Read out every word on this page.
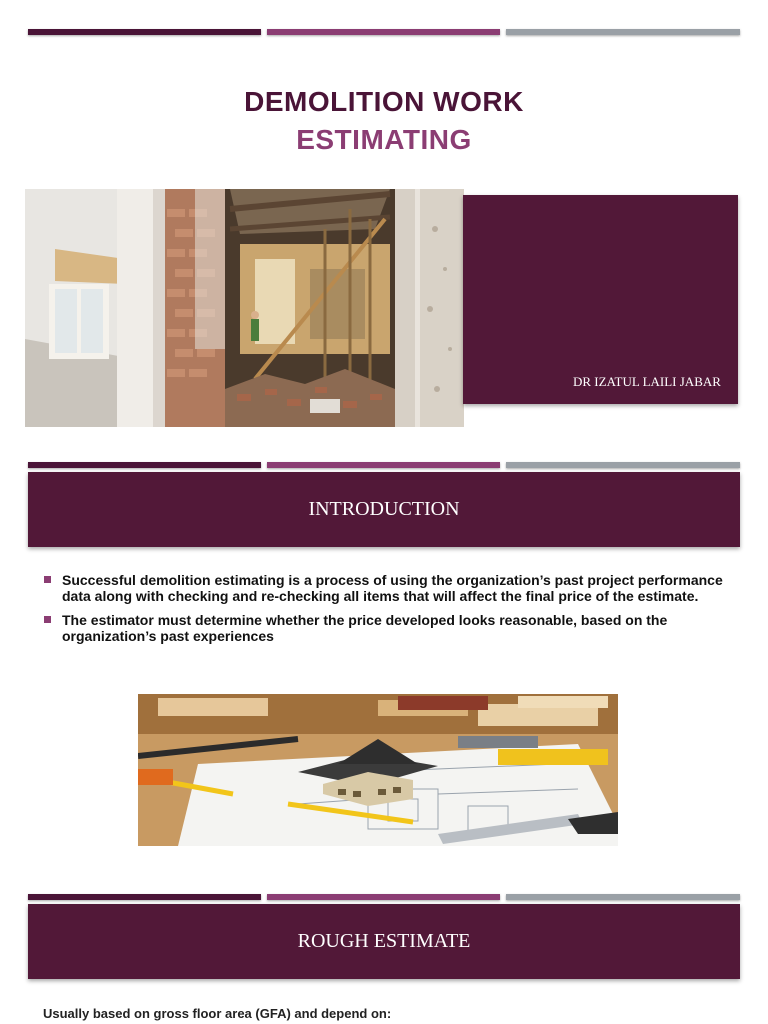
DEMOLITION WORK
ESTIMATING
DR IZATUL LAILI JABAR
INTRODUCTION
Successful demolition estimating is a process of using the organization’s past project performance data along with checking and re-checking all items that will affect the final price of the estimate.
The estimator must determine whether the price developed looks reasonable, based on the organization’s past experiences
ROUGH ESTIMATE
Usually based on gross floor area (GFA) and depend on:
